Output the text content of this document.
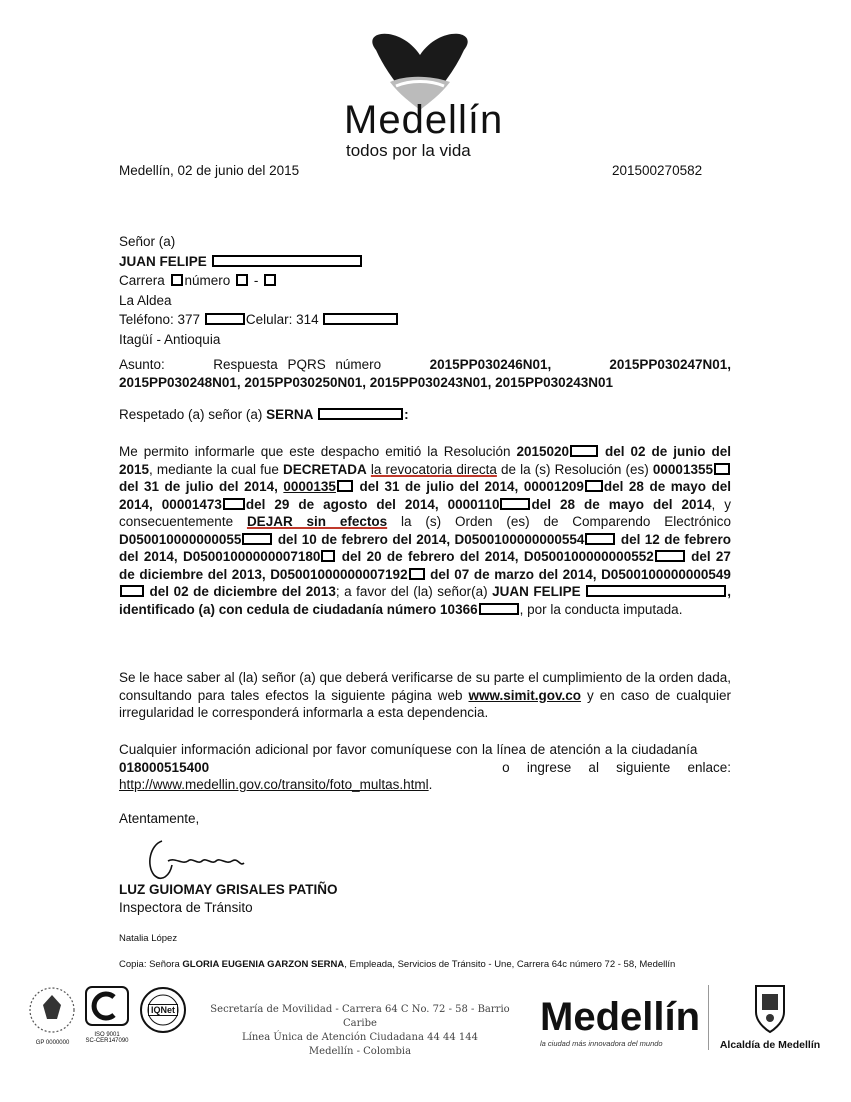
Medellín
todos por la vida
Medellín, 02 de junio del 2015	201500270582
Señor (a)
JUAN FELIPE
Carrera número  -
La Aldea
Teléfono: 377	Celular: 314
Itagüí - Antioquia
Asunto:	Respuesta PQRS número	2015PP030246N01,	2015PP030247N01, 2015PP030248N01, 2015PP030250N01, 2015PP030243N01, 2015PP030243N01
Respetado (a) señor (a) SERNA	:
Me permito informarle que este despacho emitió la Resolución 2015020	del 02 de junio del 2015, mediante la cual fue DECRETADA la revocatoria directa de la (s) Resolución (es) 00001355 del 31 de julio del 2014, 0000135 del 31 de julio del 2014, 00001209 del 28 de mayo del 2014, 00001473 del 29 de agosto del 2014, 0000110 del 28 de mayo del 2014, y consecuentemente DEJAR sin efectos la (s) Orden (es) de Comparendo Electrónico D050010000000055	del 10 de febrero del 2014, D0500100000000554	del 12 de febrero del 2014, D05001000000007180 del 20 de febrero del 2014, D0500100000000552	del 27 de diciembre del 2013, D05001000000007192 del 07 de marzo del 2014, D0500100000000549 del 02 de diciembre del 2013; a favor del (la) señor(a) JUAN FELIPE	, identificado (a) con cedula de ciudadanía número 10366	, por la conducta imputada.
Se le hace saber al (la) señor (a) que deberá verificarse de su parte el cumplimiento de la orden dada, consultando para tales efectos la siguiente página web www.simit.gov.co y en caso de cualquier irregularidad le corresponderá informarla a esta dependencia.
Cualquier información adicional por favor comuníquese con la línea de atención a la ciudadanía         018000515400	o ingrese al siguiente enlace: http://www.medellin.gov.co/transito/foto_multas.html.
Atentamente,
LUZ GUIOMAY GRISALES PATIÑO
Inspectora de Tránsito
Natalia López
Copia: Señora GLORIA EUGENIA GARZON SERNA, Empleada, Servicios de Tránsito - Une, Carrera 64c número 72 - 58, Medellín
GP 0000000
ISO 9001
SC-CER147090
IQNet	Secretaría de Movilidad - Carrera 64 C No. 72 - 58 - Barrio Caribe
Línea Única de Atención Ciudadana 44 44 144
Medellín - Colombia
Medellín
la ciudad más innovadora del mundo	Alcaldía de Medellín
